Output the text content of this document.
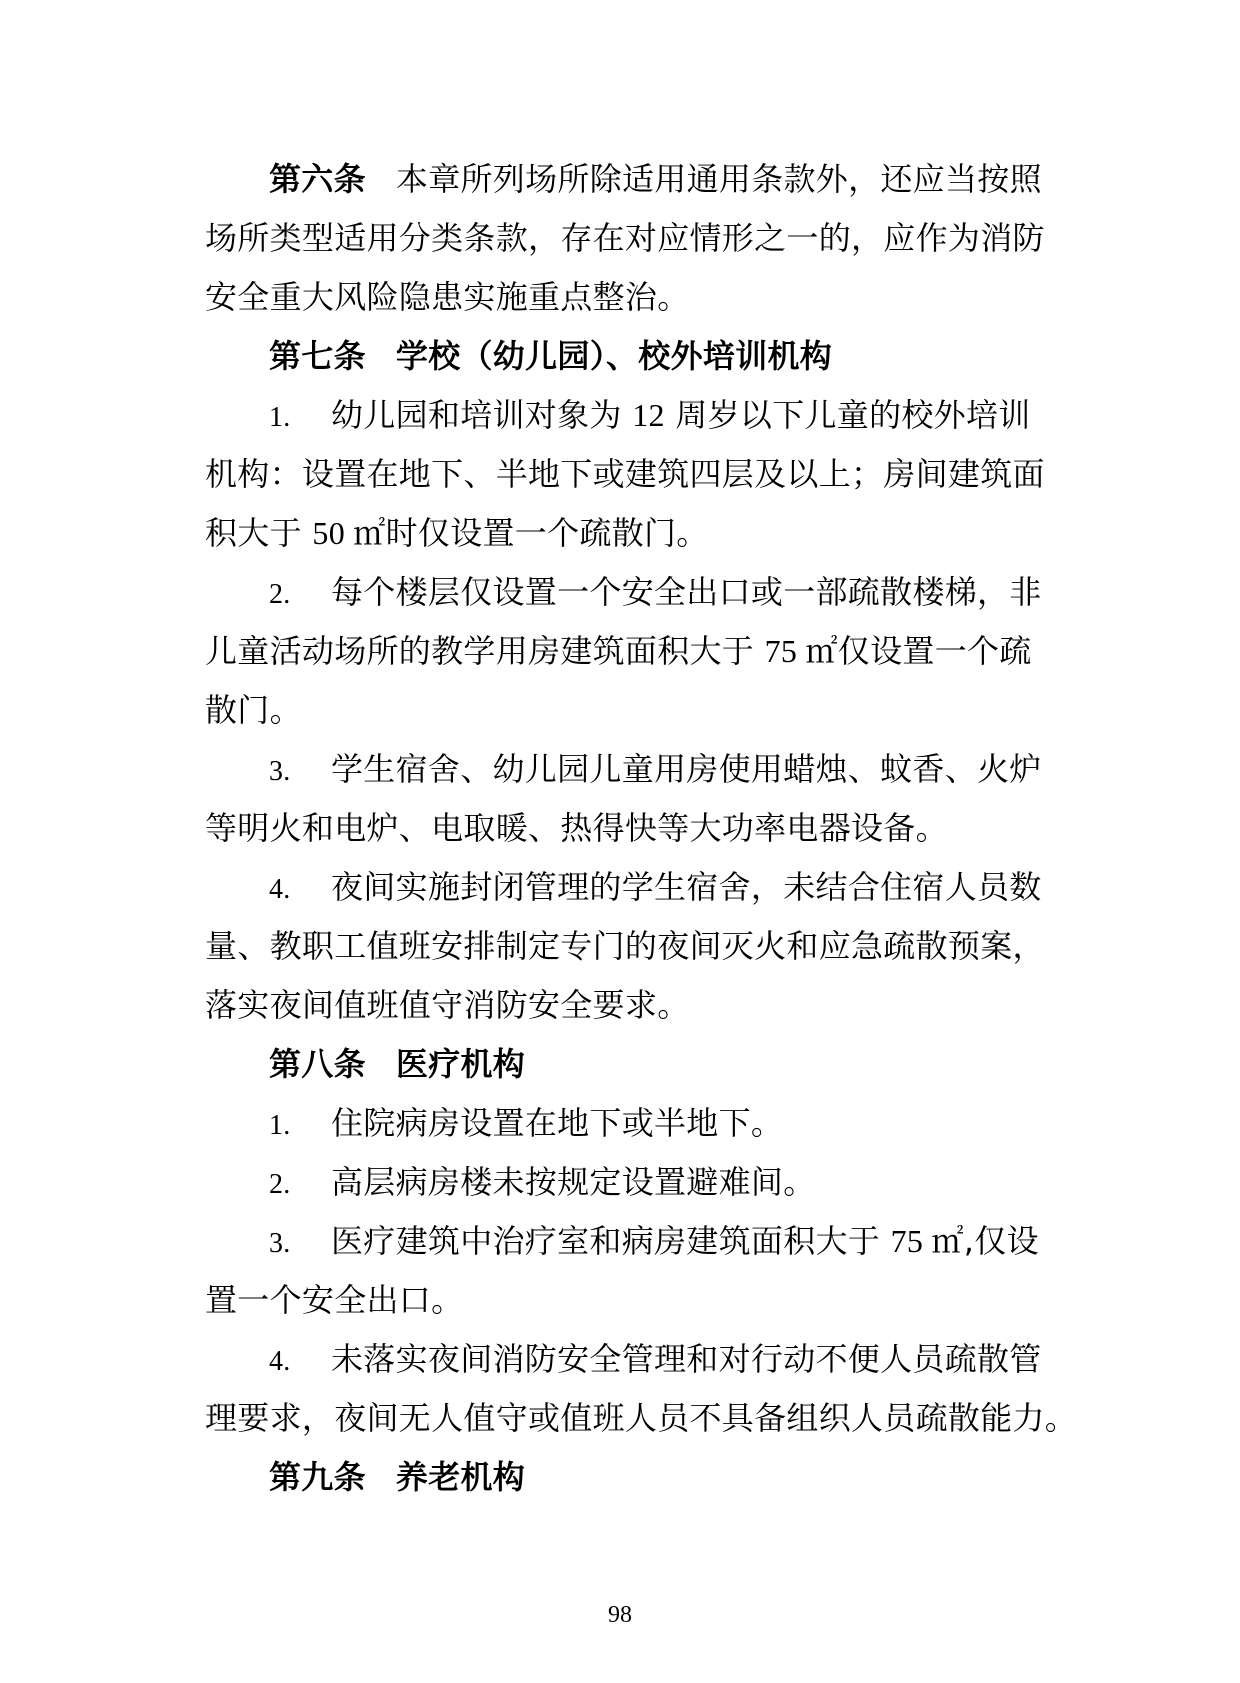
第六条 本章所列场所除适用通用条款外，还应当按照
场所类型适用分类条款，存在对应情形之一的，应作为消防
安全重大风险隐患实施重点整治。
第七条 学校（幼儿园）、校外培训机构
1. 幼儿园和培训对象为 12 周岁以下儿童的校外培训
机构：设置在地下、半地下或建筑四层及以上；房间建筑面
积大于 50 ㎡时仅设置一个疏散门。
2. 每个楼层仅设置一个安全出口或一部疏散楼梯，非
儿童活动场所的教学用房建筑面积大于 75 ㎡仅设置一个疏
散门。
3. 学生宿舍、幼儿园儿童用房使用蜡烛、蚊香、火炉
等明火和电炉、电取暖、热得快等大功率电器设备。
4. 夜间实施封闭管理的学生宿舍，未结合住宿人员数
量、教职工值班安排制定专门的夜间灭火和应急疏散预案，
落实夜间值班值守消防安全要求。
第八条 医疗机构
1. 住院病房设置在地下或半地下。
2. 高层病房楼未按规定设置避难间。
3. 医疗建筑中治疗室和病房建筑面积大于 75 ㎡,仅设
置一个安全出口。
4. 未落实夜间消防安全管理和对行动不便人员疏散管
理要求，夜间无人值守或值班人员不具备组织人员疏散能力。
第九条 养老机构
98
